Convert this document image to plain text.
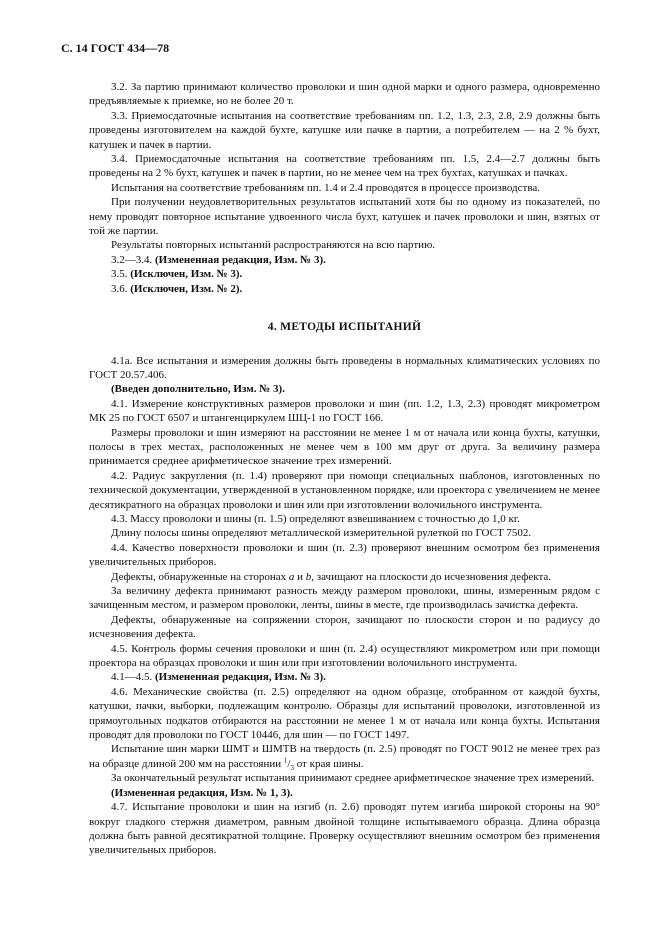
С. 14 ГОСТ 434—78

3.2. За партию принимают количество проволоки и шин одной марки и одного размера, одновременно предъявляемые к приемке, но не более 20 т.

3.3. Приемосдаточные испытания на соответствие требованиям пп. 1.2, 1.3, 2.3, 2.8, 2.9 должны быть проведены изготовителем на каждой бухте, катушке или пачке в партии, а потребителем — на 2 % бухт, катушек и пачек в партии.

3.4. Приемосдаточные испытания на соответствие требованиям пп. 1.5, 2.4—2.7 должны быть проведены на 2 % бухт, катушек и пачек в партии, но не менее чем на трех бухтах, катушках и пачках.

Испытания на соответствие требованиям пп. 1.4 и 2.4 проводятся в процессе производства.

При получении неудовлетворительных результатов испытаний хотя бы по одному из показателей, по нему проводят повторное испытание удвоенного числа бухт, катушек и пачек проволоки и шин, взятых от той же партии.

Результаты повторных испытаний распространяются на всю партию.

3.2—3.4. (Измененная редакция, Изм. № 3).

3.5. (Исключен, Изм. № 3).

3.6. (Исключен, Изм. № 2).

4. МЕТОДЫ ИСПЫТАНИЙ

4.1а. Все испытания и измерения должны быть проведены в нормальных климатических условиях по ГОСТ 20.57.406.

(Введен дополнительно, Изм. № 3).

4.1. Измерение конструктивных размеров проволоки и шин (пп. 1.2, 1.3, 2.3) проводят микрометром МК 25 по ГОСТ 6507 и штангенциркулем ШЦ-1 по ГОСТ 166.

Размеры проволоки и шин измеряют на расстоянии не менее 1 м от начала или конца бухты, катушки, полосы в трех местах, расположенных не менее чем в 100 мм друг от друга. За величину размера принимается среднее арифметическое значение трех измерений.

4.2. Радиус закругления (п. 1.4) проверяют при помощи специальных шаблонов, изготовленных по технической документации, утвержденной в установленном порядке, или проектора с увеличением не менее десятикратного на образцах проволоки и шин или при изготовлении волочильного инструмента.

4.3. Массу проволоки и шины (п. 1.5) определяют взвешиванием с точностью до 1,0 кг.

Длину полосы шины определяют металлической измерительной рулеткой по ГОСТ 7502.

4.4. Качество поверхности проволоки и шин (п. 2.3) проверяют внешним осмотром без применения увеличительных приборов.

Дефекты, обнаруженные на сторонах a и b, зачищают на плоскости до исчезновения дефекта.

За величину дефекта принимают разность между размером проволоки, шины, измеренным рядом с зачищенным местом, и размером проволоки, ленты, шины в месте, где производилась зачистка дефекта.

Дефекты, обнаруженные на сопряжении сторон, зачищают по плоскости сторон и по радиусу до исчезновения дефекта.

4.5. Контроль формы сечения проволоки и шин (п. 2.4) осуществляют микрометром или при помощи проектора на образцах проволоки и шин или при изготовлении волочильного инструмента.

4.1—4.5. (Измененная редакция, Изм. № 3).

4.6. Механические свойства (п. 2.5) определяют на одном образце, отобранном от каждой бухты, катушки, пачки, выборки, подлежащим контролю. Образцы для испытаний проволоки, изготовленной из прямоугольных подкатов отбираются на расстоянии не менее 1 м от начала или конца бухты. Испытания проводят для проволоки по ГОСТ 10446, для шин — по ГОСТ 1497.

Испытание шин марки ШМТ и ШМТВ на твердость (п. 2.5) проводят по ГОСТ 9012 не менее трех раз на образце длиной 200 мм на расстоянии $^1/_3$ от края шины.

За окончательный результат испытания принимают среднее арифметическое значение трех измерений.

(Измененная редакция, Изм. № 1, 3).

4.7. Испытание проволоки и шин на изгиб (п. 2.6) проводят путем изгиба широкой стороны на 90° вокруг гладкого стержня диаметром, равным двойной толщине испытываемого образца. Длина образца должна быть равной десятикратной толщине. Проверку осуществляют внешним осмотром без применения увеличительных приборов.
